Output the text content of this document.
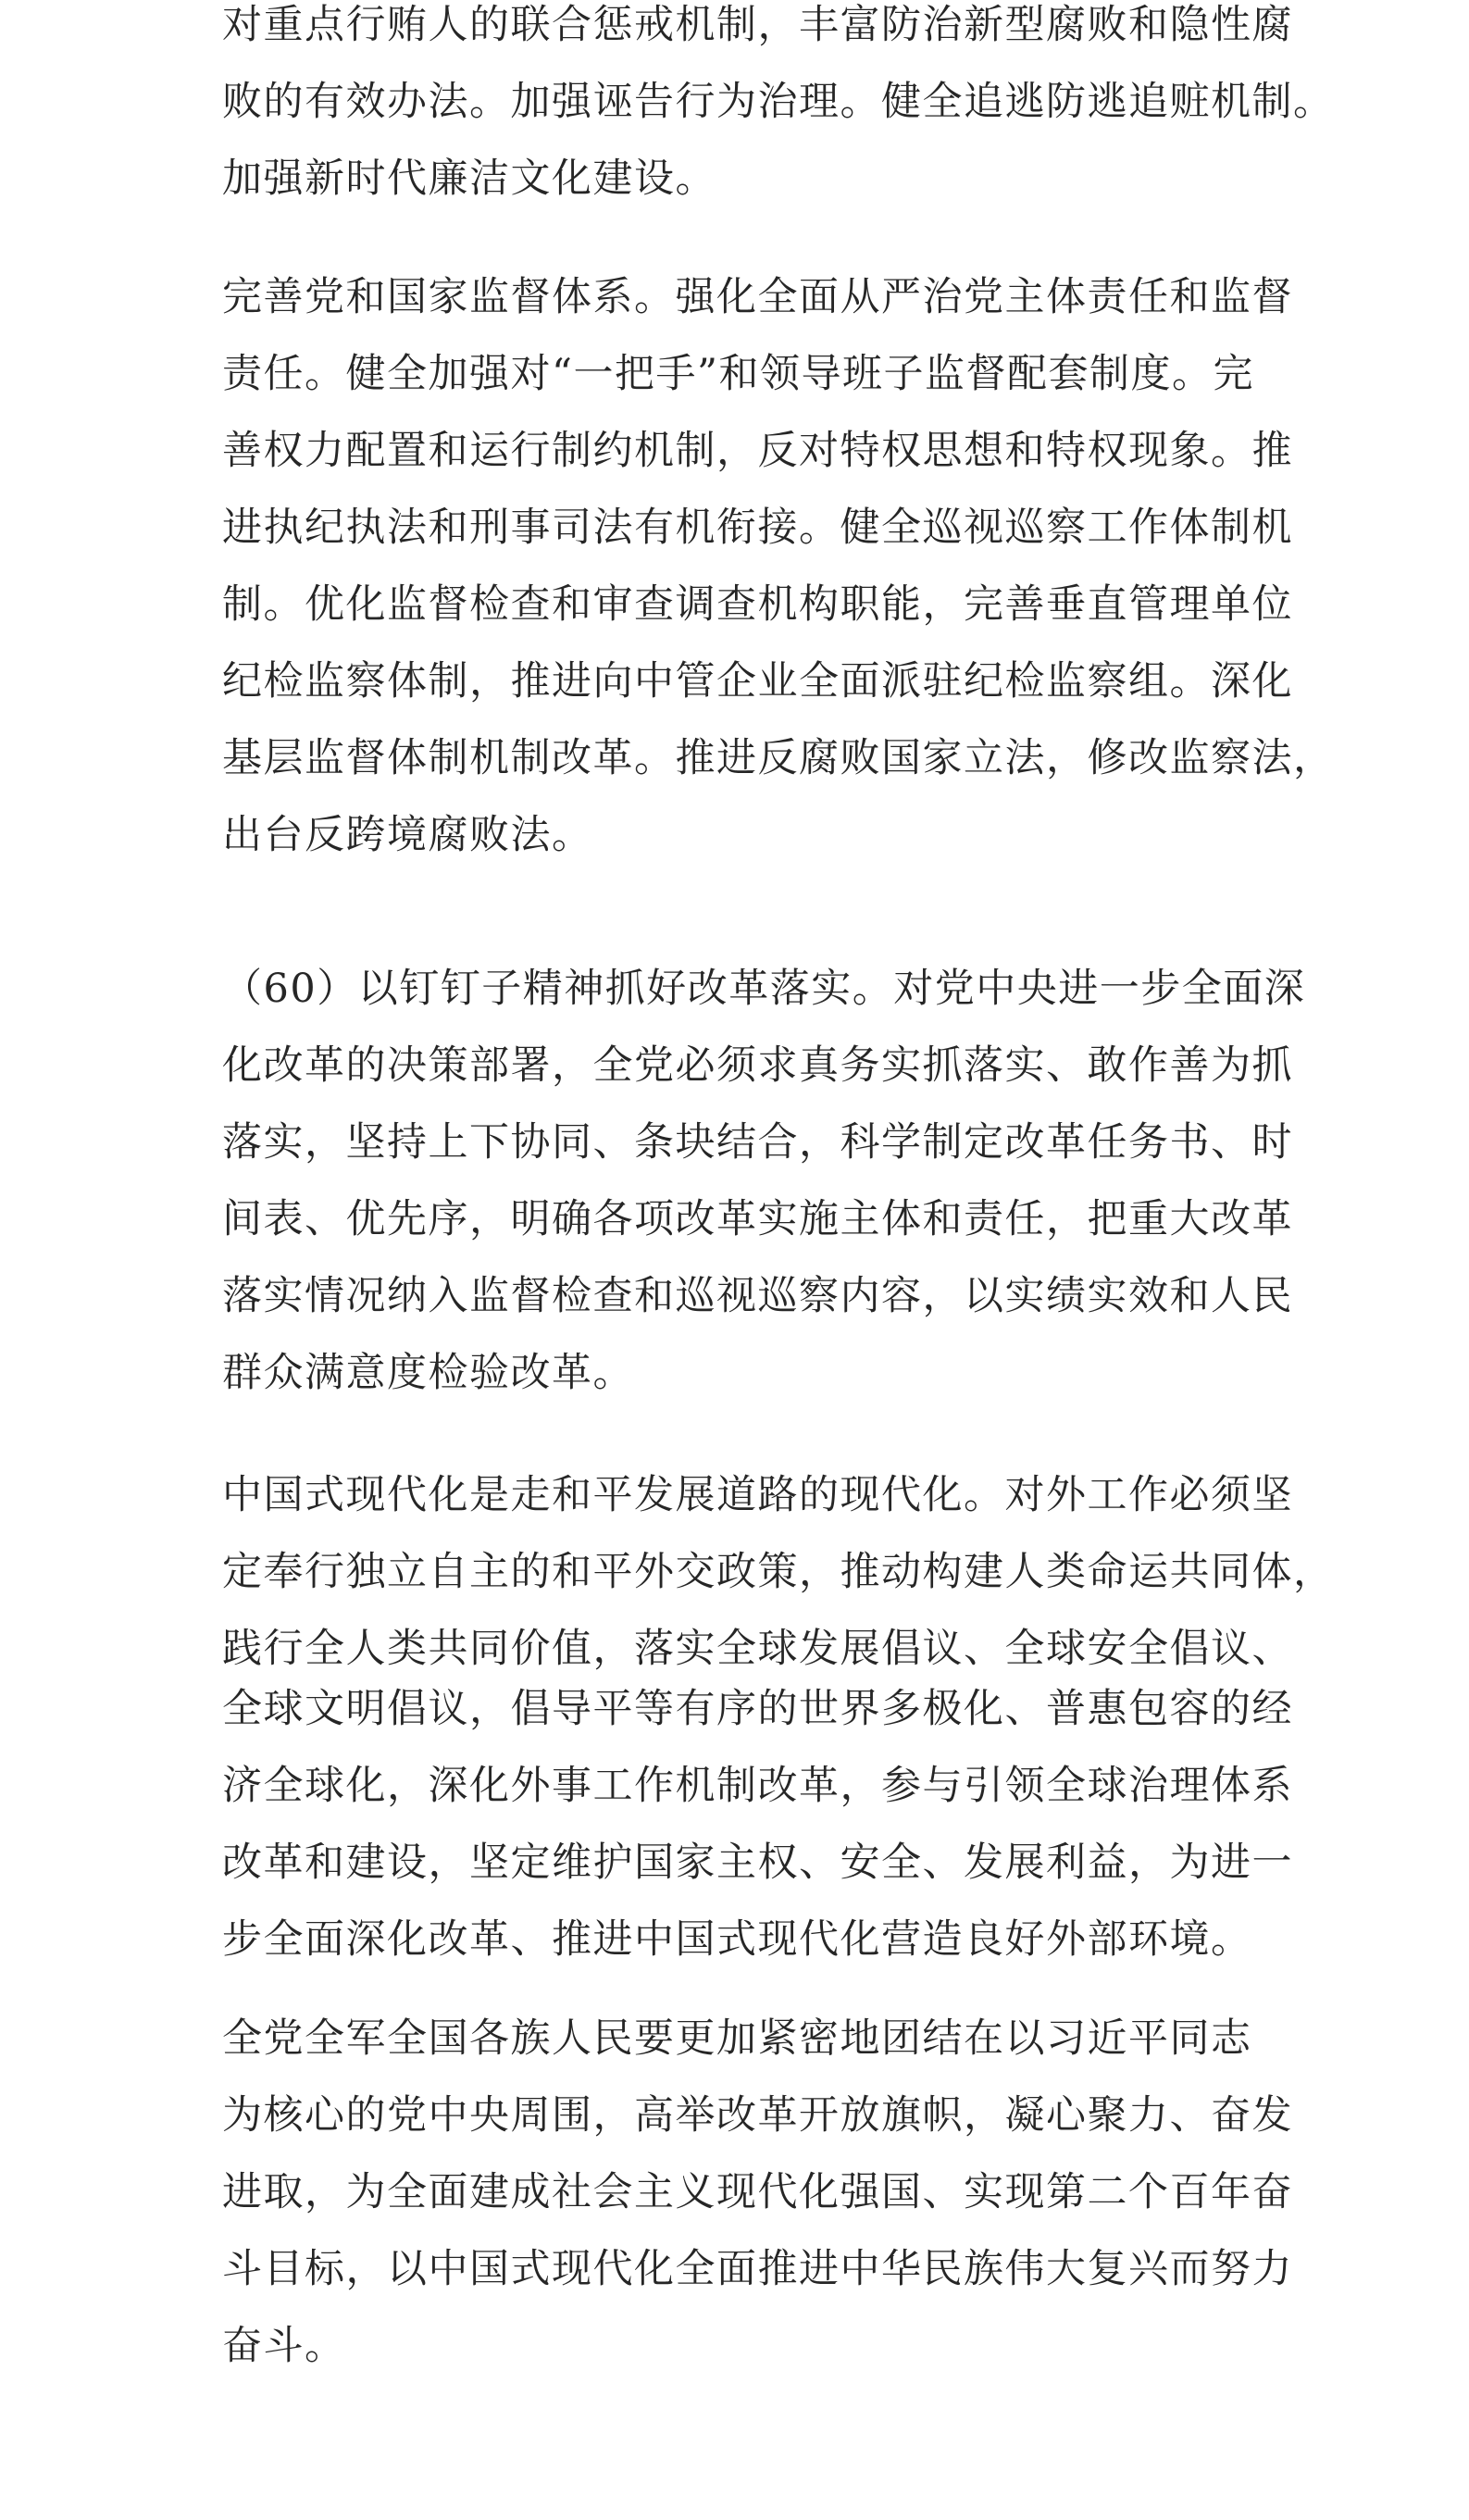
对重点行贿人的联合惩戒机制，丰富防治新型腐败和隐性腐
败的有效办法。加强诬告行为治理。健全追逃防逃追赃机制。
加强新时代廉洁文化建设。
完善党和国家监督体系。强化全面从严治党主体责任和监督
责任。健全加强对“一把手”和领导班子监督配套制度。完
善权力配置和运行制约机制，反对特权思想和特权现象。推
进执纪执法和刑事司法有机衔接。健全巡视巡察工作体制机
制。优化监督检查和审查调查机构职能，完善垂直管理单位
纪检监察体制，推进向中管企业全面派驻纪检监察组。深化
基层监督体制机制改革。推进反腐败国家立法，修改监察法，
出台反跨境腐败法。
（60）以钉钉子精神抓好改革落实。对党中央进一步全面深
化改革的决策部署，全党必须求真务实抓落实、敢作善为抓
落实，坚持上下协同、条块结合，科学制定改革任务书、时
间表、优先序，明确各项改革实施主体和责任，把重大改革
落实情况纳入监督检查和巡视巡察内容，以实绩实效和人民
群众满意度检验改革。
中国式现代化是走和平发展道路的现代化。对外工作必须坚
定奉行独立自主的和平外交政策，推动构建人类命运共同体，
践行全人类共同价值，落实全球发展倡议、全球安全倡议、
全球文明倡议，倡导平等有序的世界多极化、普惠包容的经
济全球化，深化外事工作机制改革，参与引领全球治理体系
改革和建设，坚定维护国家主权、安全、发展利益，为进一
步全面深化改革、推进中国式现代化营造良好外部环境。
全党全军全国各族人民要更加紧密地团结在以习近平同志
为核心的党中央周围，高举改革开放旗帜，凝心聚力、奋发
进取，为全面建成社会主义现代化强国、实现第二个百年奋
斗目标，以中国式现代化全面推进中华民族伟大复兴而努力
奋斗。
